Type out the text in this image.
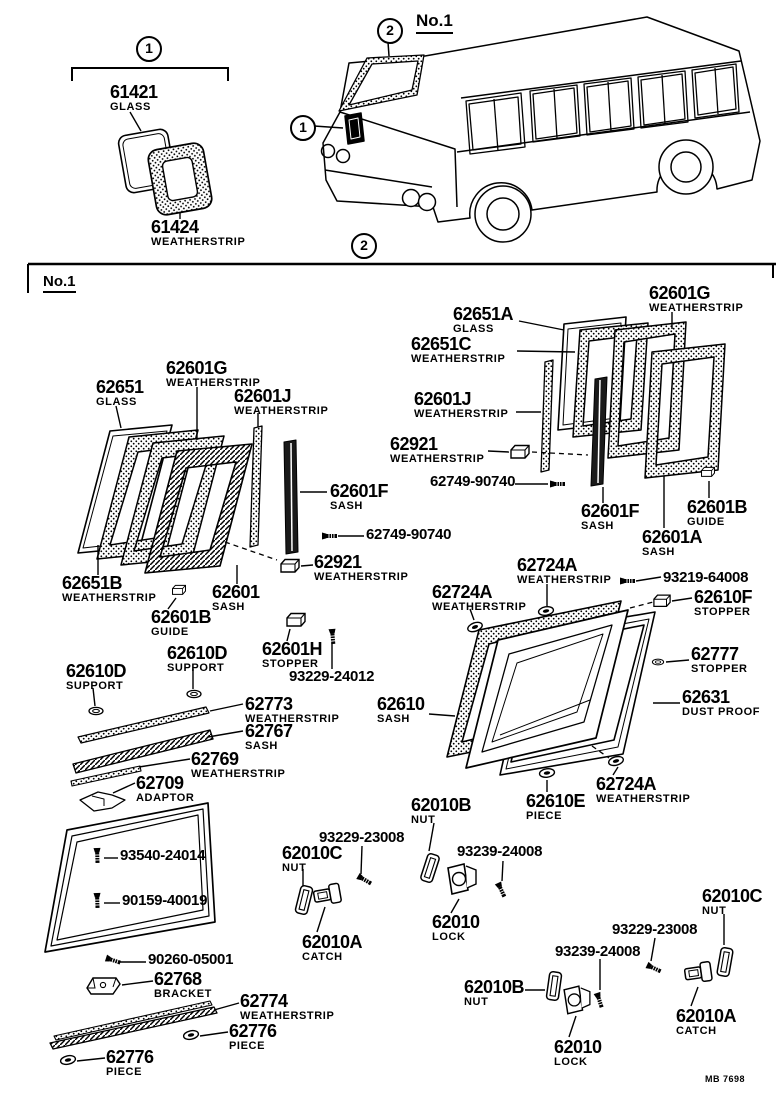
1
1
2
2
No.1
No.1
61421
GLASS
61424
WEATHERSTRIP
62651
GLASS
62601G
WEATHERSTRIP
62601J
WEATHERSTRIP
62601F
SASH
62749-90740
62921
WEATHERSTRIP
62651B
WEATHERSTRIP	62601
SASH
62601B
GUIDE
62610D
SUPPORT
62610D
SUPPORT
62601H
STOPPER
93229-24012
62773
WEATHERSTRIP
62767
SASH
62769
WEATHERSTRIP
62709
ADAPTOR
93540-24014
90159-40019
90260-05001
62768
BRACKET 62774
WEATHERSTRIP
62776
PIECE
62776
PIECE
62651A
GLASS
62651C
WEATHERSTRIP
62601G
WEATHERSTRIP
62601J
WEATHERSTRIP
62921
WEATHERSTRIP
62749-90740
62601F
SASH
62601A
SASH
62601B
GUIDE
62724A
WEATHERSTRIP
62724A
WEATHERSTRIP
93219-64008
62610F
STOPPER
62777
STOPPER
62631
DUST PROOF
62610
SASH
62610E
PIECE
62724A
WEATHERSTRIP
62010B
NUT
93229-23008
62010C
NUT
93239-24008
62010
LOCK
62010A
CATCH
62010C
NUT
93229-23008
93239-24008
62010A
CATCH
62010
LOCK
62010B
NUT
MB 7698
